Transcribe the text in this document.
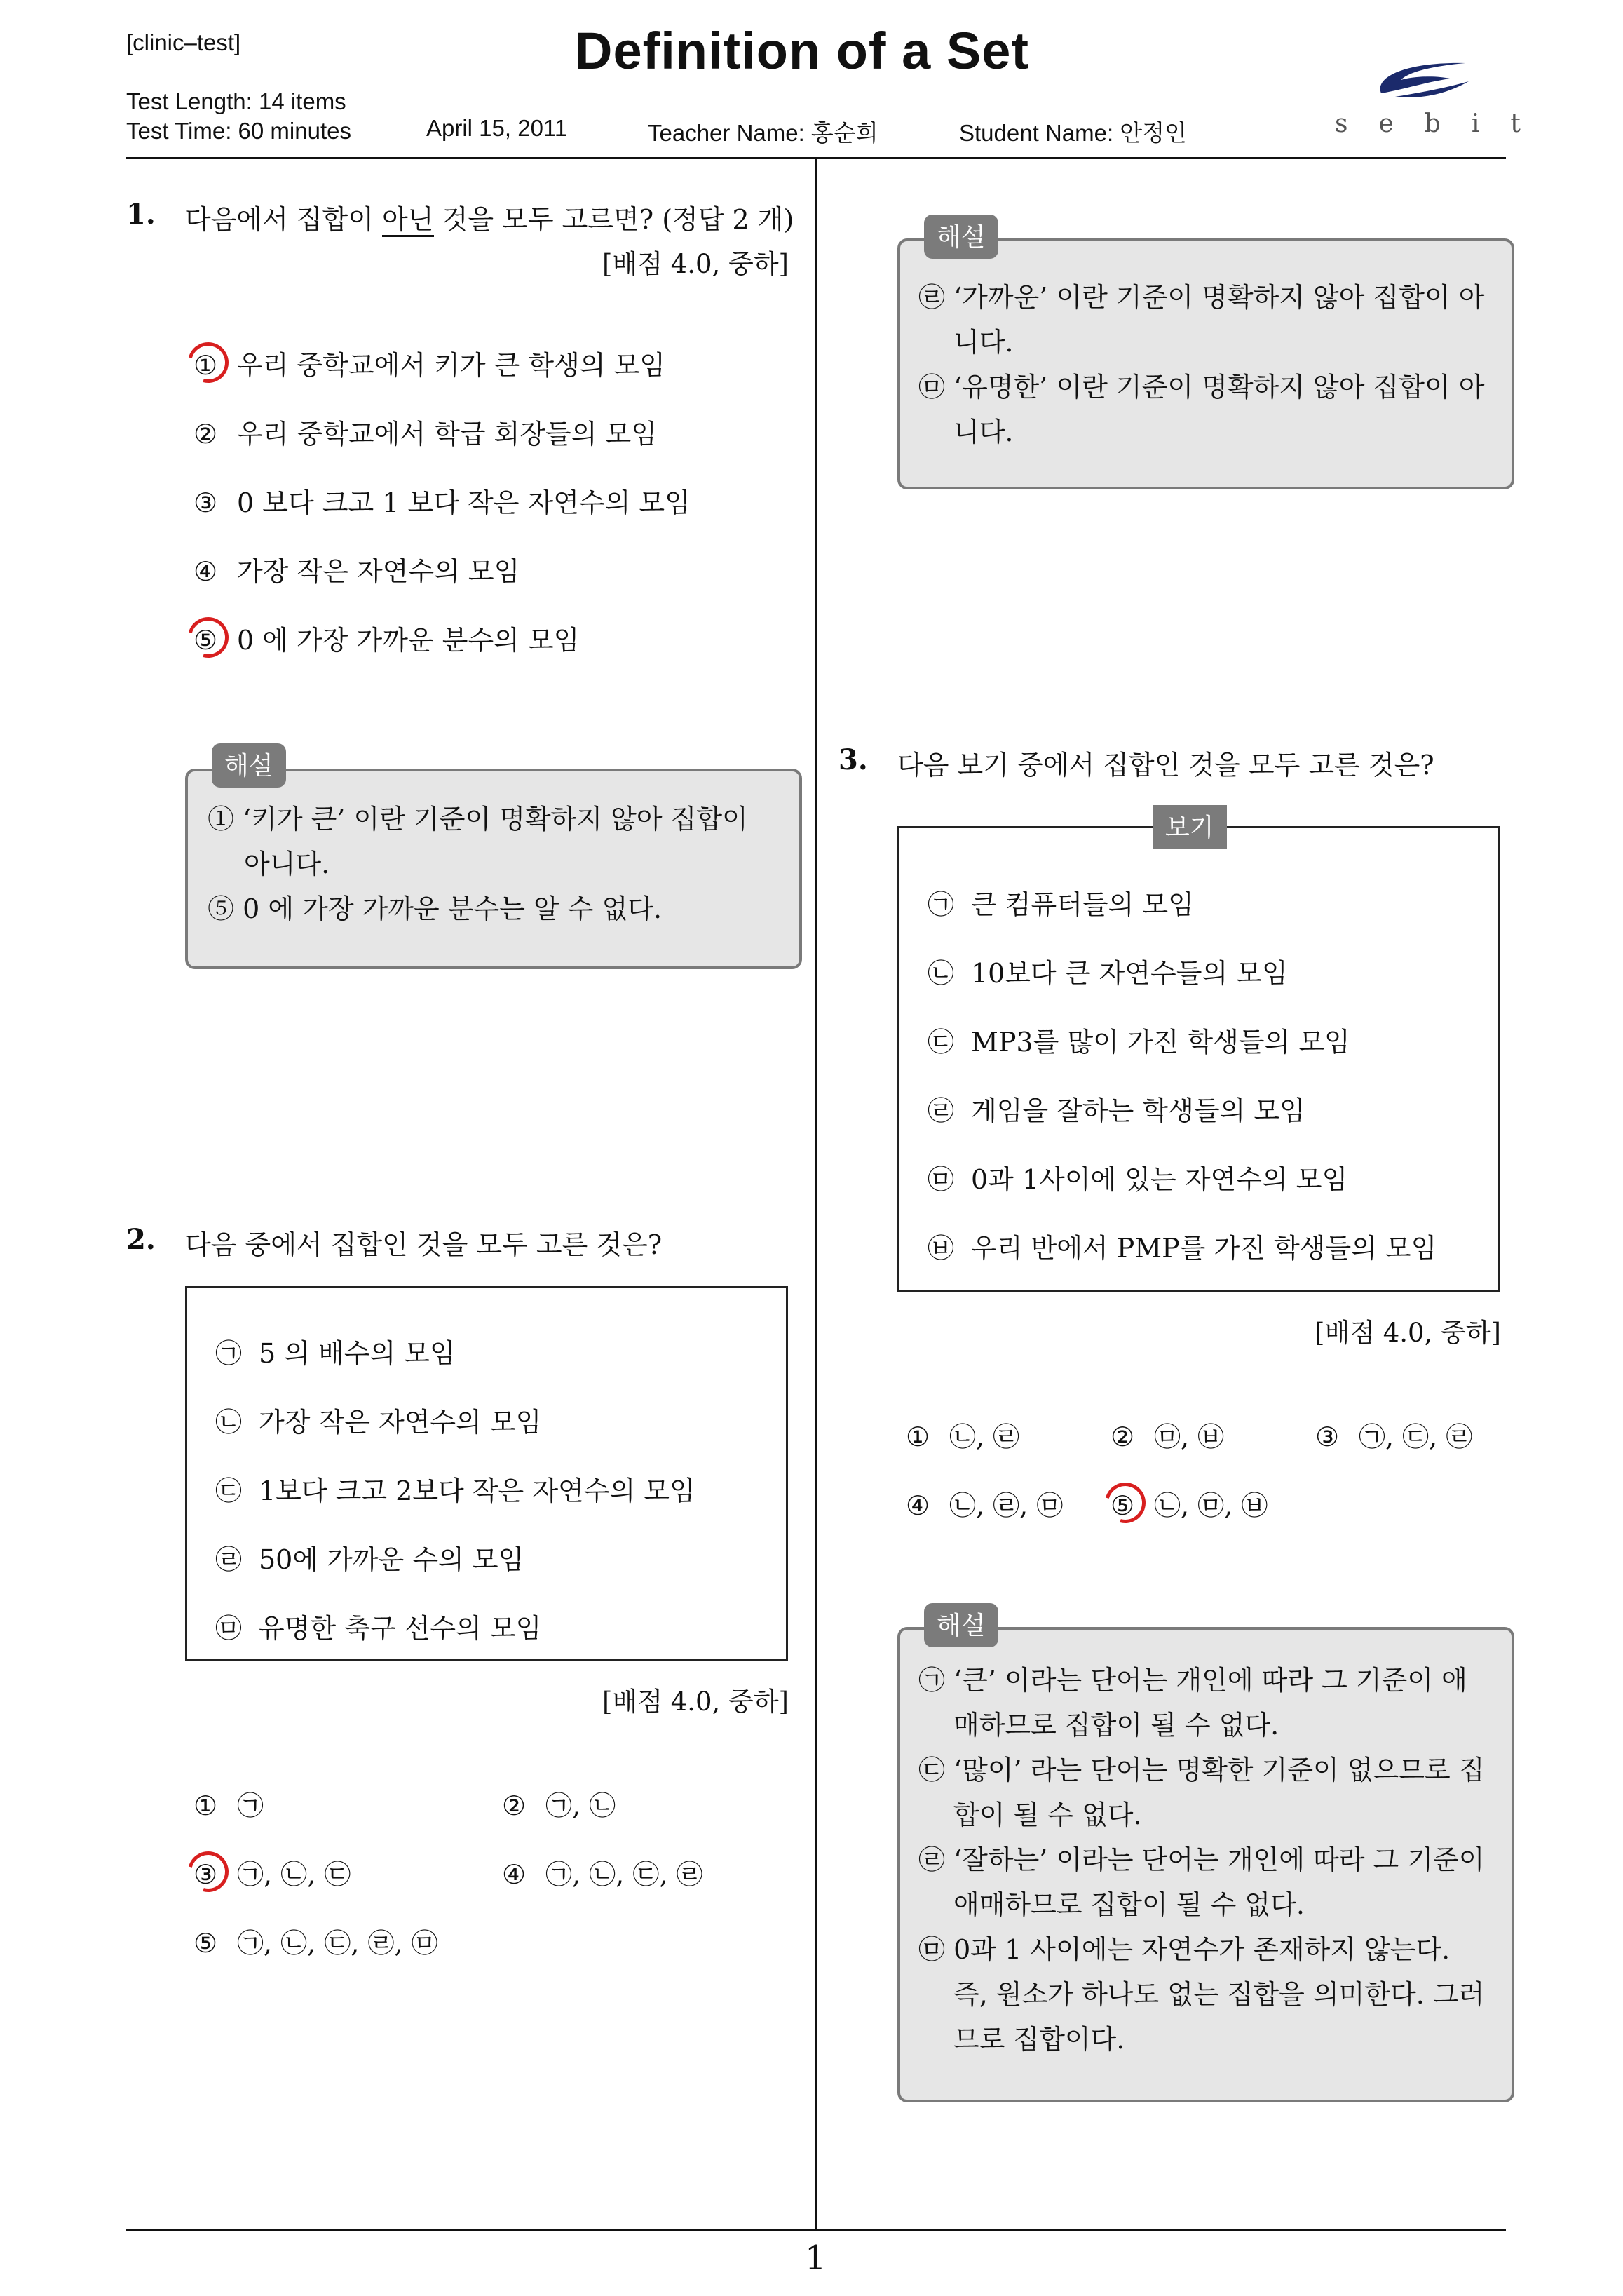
[clinic–test]	Definition of a Set
Test Length: 14 items
Test Time: 60 minutes	April 15, 2011	Teacher Name: 홍순희	Student Name: 안정인	sebit
1
1. 다음에서 집합이 아닌 것을 모두 고르면? (정답 2 개)
[배점 4.0, 중하]
① 우리 중학교에서 키가 큰 학생의 모임
② 우리 중학교에서 학급 회장들의 모임
③ 0 보다 크고 1 보다 작은 자연수의 모임
④ 가장 작은 자연수의 모임
⑤ 0 에 가장 가까운 분수의 모임
① ‘키가 큰’ 이란 기준이 명확하지 않아 집합이
아니다.
⑤ 0 에 가장 가까운 분수는 알 수 없다.
해설
2. 다음 중에서 집합인 것을 모두 고른 것은?
㉠ 5 의 배수의 모임
㉡ 가장 작은 자연수의 모임
㉢ 1보다 크고 2보다 작은 자연수의 모임
㉣ 50에 가까운 수의 모임
㉤ 유명한 축구 선수의 모임
[배점 4.0, 중하]
① ㉠	② ㉠, ㉡
③ ㉠, ㉡, ㉢	④ ㉠, ㉡, ㉢, ㉣
⑤ ㉠, ㉡, ㉢, ㉣, ㉤
㉣ ‘가까운’ 이란 기준이 명확하지 않아 집합이 아
니다.
㉤ ‘유명한’ 이란 기준이 명확하지 않아 집합이 아
니다.
해설
3. 다음 보기 중에서 집합인 것을 모두 고른 것은?
㉠ 큰 컴퓨터들의 모임
㉡ 10보다 큰 자연수들의 모임
㉢ MP3를 많이 가진 학생들의 모임
㉣ 게임을 잘하는 학생들의 모임
㉤ 0과 1사이에 있는 자연수의 모임
㉥ 우리 반에서 PMP를 가진 학생들의 모임
보기
[배점 4.0, 중하]
① ㉡, ㉣	② ㉤, ㉥	③ ㉠, ㉢, ㉣
④ ㉡, ㉣, ㉤ ⑤ ㉡, ㉤, ㉥
㉠ ‘큰’ 이라는 단어는 개인에 따라 그 기준이 애
매하므로 집합이 될 수 없다.
㉢ ‘많이’ 라는 단어는 명확한 기준이 없으므로 집
합이 될 수 없다.
㉣ ‘잘하는’ 이라는 단어는 개인에 따라 그 기준이
애매하므로 집합이 될 수 없다.
㉤ 0과 1 사이에는 자연수가 존재하지 않는다.
즉, 원소가 하나도 없는 집합을 의미한다. 그러
므로 집합이다.
해설
